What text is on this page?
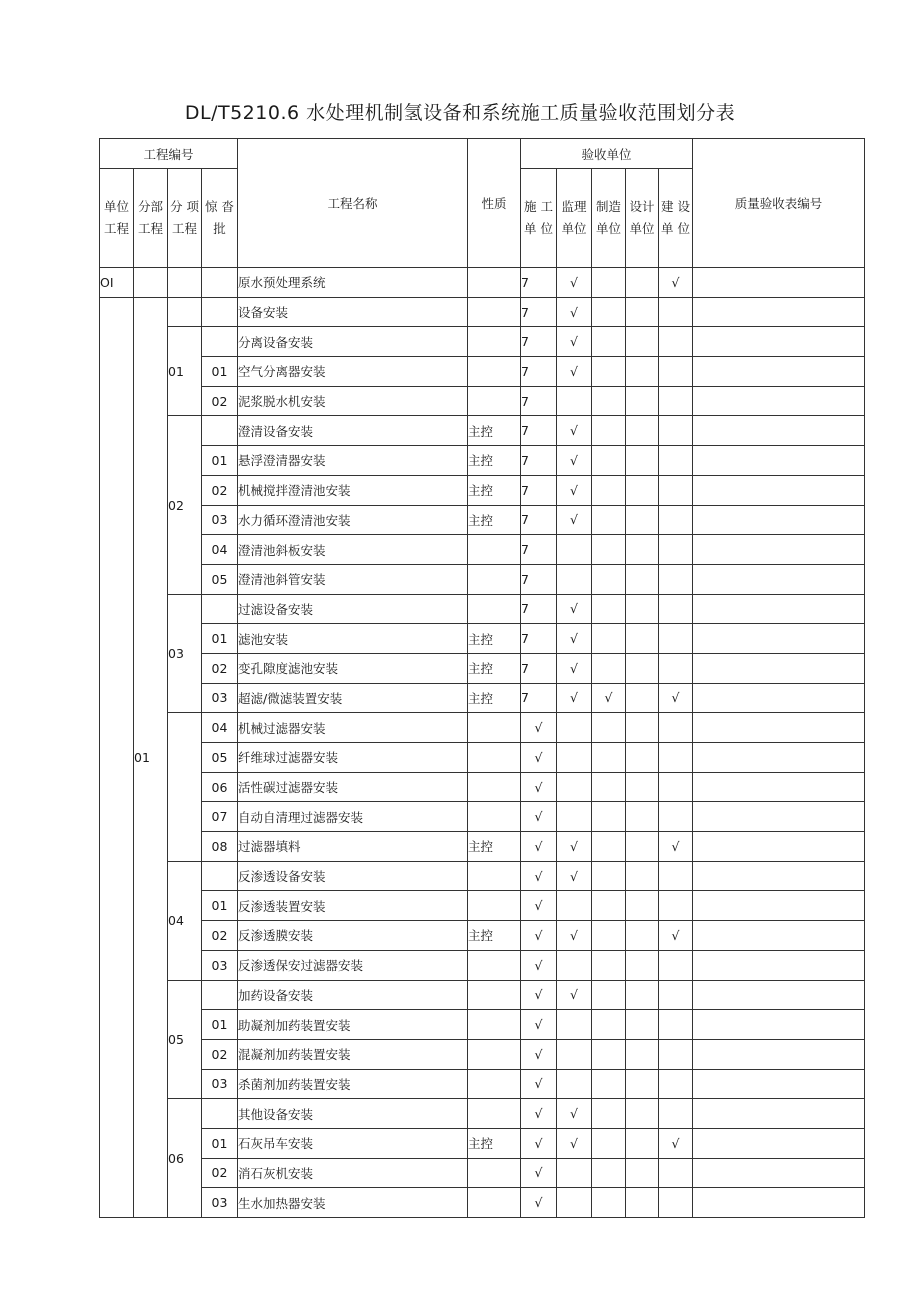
DL/T5210.6 水处理机制氢设备和系统施工质量验收范围划分表
工程编号				工程名称	性质	验收单位					质量验收表编号
单位工程	分部工程	分 项工程	惊 沓 批			施 工 单 位	监理单位	制造单位	设计单位	建 设单 位	
OI				原水预处理系统		7	√			√	
	01			设备安装		7	√				
		01		分离设备安装		7	√				
			01	空气分离器安装		7	√				
			02	泥浆脱水机安装		7					
		02		澄清设备安装	主控	7	√				
			01	悬浮澄清器安装	主控	7	√				
			02	机械搅拌澄清池安装	主控	7	√				
			03	水力循环澄清池安装	主控	7	√				
			04	澄清池斜板安装		7					
			05	澄清池斜管安装		7					
		03		过滤设备安装		7	√				
			01	滤池安装	主控	7	√				
			02	变孔隙度滤池安装	主控	7	√				
			03	超滤/微滤装置安装	主控	7	√	√		√	
			04	机械过滤器安装		√					
			05	纤维球过滤器安装		√					
			06	活性碳过滤器安装		√					
			07	自动自清理过滤器安装		√					
			08	过滤器填料	主控	√	√			√	
		04		反渗透设备安装		√	√				
			01	反渗透装置安装		√					
			02	反渗透膜安装	主控	√	√			√	
			03	反渗透保安过滤器安装		√					
		05		加药设备安装		√	√				
			01	助凝剂加药装置安装		√					
			02	混凝剂加药装置安装		√					
			03	杀菌剂加药装置安装		√					
		06		其他设备安装		√	√				
			01	石灰吊车安装	主控	√	√			√	
			02	消石灰机安装		√					
			03	生水加热器安装		√					
